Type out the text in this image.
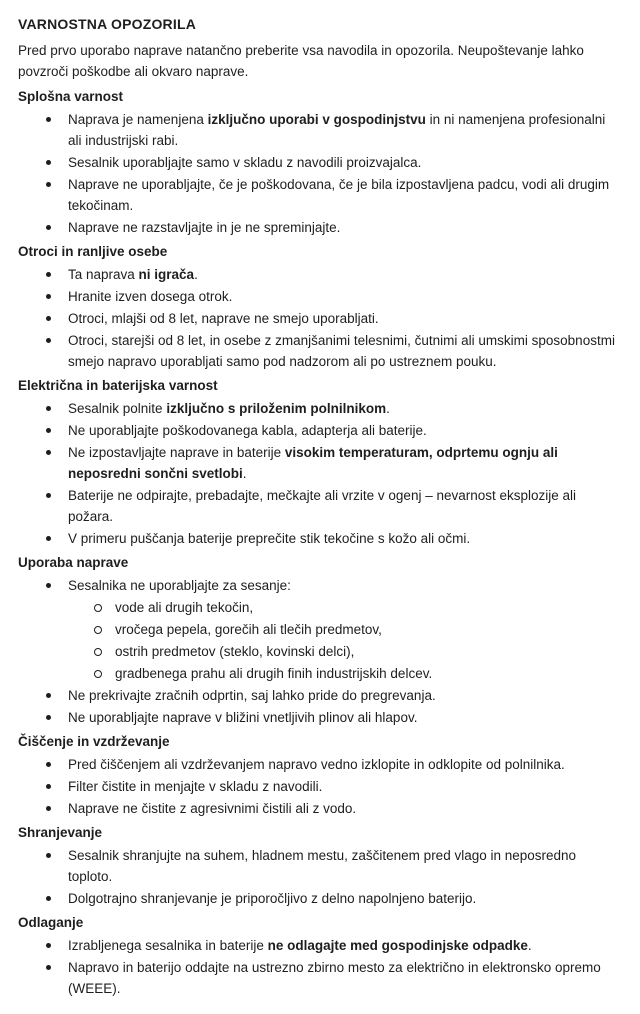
VARNOSTNA OPOZORILA

Pred prvo uporabo naprave natančno preberite vsa navodila in opozorila. Neupoštevanje lahko povzroči poškodbe ali okvaro naprave.

Splošna varnost
Naprava je namenjena izključno uporabi v gospodinjstvu in ni namenjena profesionalni ali industrijski rabi.
Sesalnik uporabljajte samo v skladu z navodili proizvajalca.
Naprave ne uporabljajte, če je poškodovana, če je bila izpostavljena padcu, vodi ali drugim tekočinam.
Naprave ne razstavljajte in je ne spreminjajte.
Otroci in ranljive osebe
Ta naprava ni igrača.
Hranite izven dosega otrok.
Otroci, mlajši od 8 let, naprave ne smejo uporabljati.
Otroci, starejši od 8 let, in osebe z zmanjšanimi telesnimi, čutnimi ali umskimi sposobnostmi smejo napravo uporabljati samo pod nadzorom ali po ustreznem pouku.
Električna in baterijska varnost
Sesalnik polnite izključno s priloženim polnilnikom.
Ne uporabljajte poškodovanega kabla, adapterja ali baterije.
Ne izpostavljajte naprave in baterije visokim temperaturam, odprtemu ognju ali neposredni sončni svetlobi.
Baterije ne odpirajte, prebadajte, mečkajte ali vrzite v ogenj – nevarnost eksplozije ali požara.
V primeru puščanja baterije preprečite stik tekočine s kožo ali očmi.
Uporaba naprave
Sesalnika ne uporabljajte za sesanje:
vode ali drugih tekočin,
vročega pepela, gorečih ali tlečih predmetov,
ostrih predmetov (steklo, kovinski delci),
gradbenega prahu ali drugih finih industrijskih delcev.
Ne prekrivajte zračnih odprtin, saj lahko pride do pregrevanja.
Ne uporabljajte naprave v bližini vnetljivih plinov ali hlapov.
Čiščenje in vzdrževanje
Pred čiščenjem ali vzdrževanjem napravo vedno izklopite in odklopite od polnilnika.
Filter čistite in menjajte v skladu z navodili.
Naprave ne čistite z agresivnimi čistili ali z vodo.
Shranjevanje
Sesalnik shranjujte na suhem, hladnem mestu, zaščitenem pred vlago in neposredno toploto.
Dolgotrajno shranjevanje je priporočljivo z delno napolnjeno baterijo.
Odlaganje
Izrabljenega sesalnika in baterije ne odlagajte med gospodinjske odpadke.
Napravo in baterijo oddajte na ustrezno zbirno mesto za električno in elektronsko opremo (WEEE).
